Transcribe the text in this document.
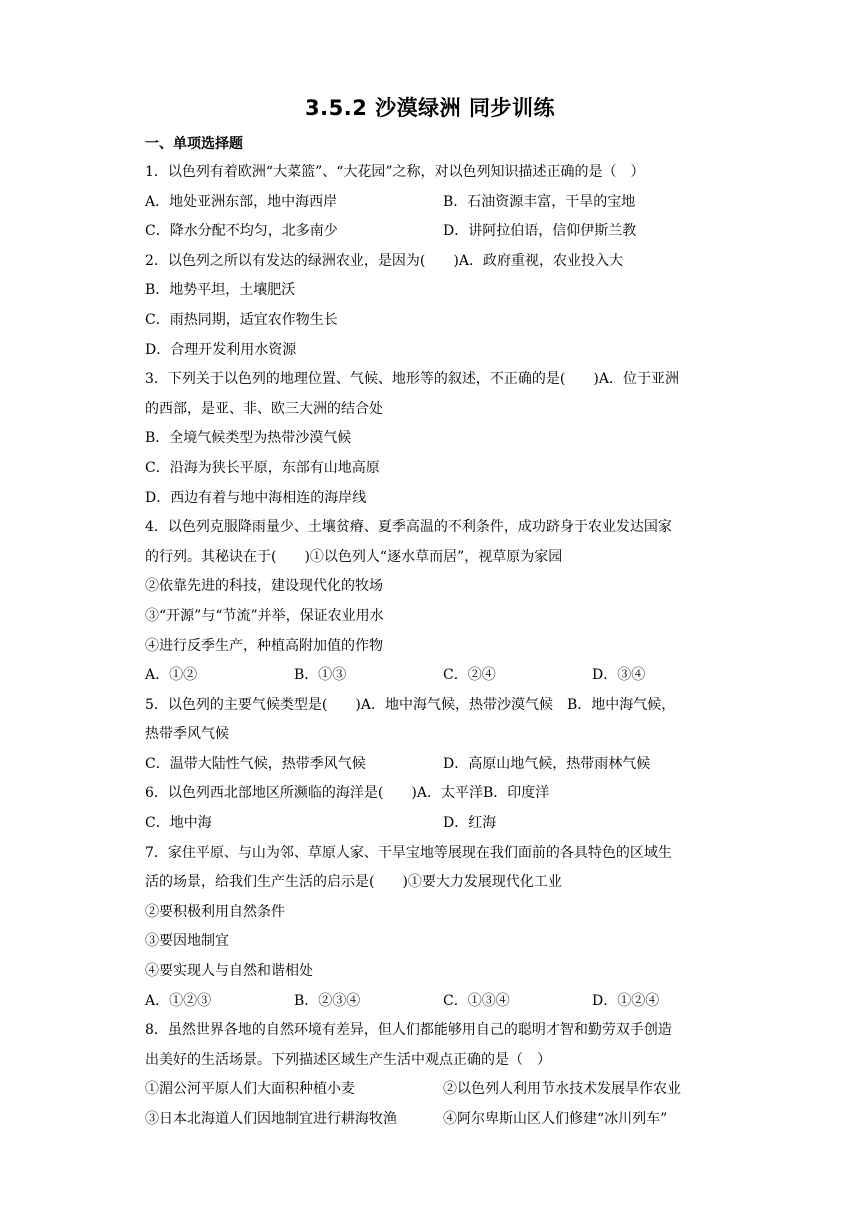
3.5.2 沙漠绿洲 同步训练
一、单项选择题
1．以色列有着欧洲“大菜篮”、“大花园”之称，对以色列知识描述正确的是（　）
A．地处亚洲东部，地中海西岸	B．石油资源丰富，干旱的宝地
C．降水分配不均匀，北多南少	D．讲阿拉伯语，信仰伊斯兰教
2．以色列之所以有发达的绿洲农业，是因为(　　)A．政府重视，农业投入大
B．地势平坦，土壤肥沃
C．雨热同期，适宜农作物生长
D．合理开发利用水资源
3．下列关于以色列的地理位置、气候、地形等的叙述，不正确的是(　　)A．位于亚洲
的西部，是亚、非、欧三大洲的结合处
B．全境气候类型为热带沙漠气候
C．沿海为狭长平原，东部有山地高原
D．西边有着与地中海相连的海岸线
4．以色列克服降雨量少、土壤贫瘠、夏季高温的不利条件，成功跻身于农业发达国家
的行列。其秘诀在于(　　)①以色列人“逐水草而居”，视草原为家园
②依靠先进的科技，建设现代化的牧场
③“开源”与“节流”并举，保证农业用水
④进行反季生产，种植高附加值的作物
A．①②	B．①③	C．②④	D．③④
5．以色列的主要气候类型是(　　)A．地中海气候，热带沙漠气候　B．地中海气候，
热带季风气候
C．温带大陆性气候，热带季风气候	D．高原山地气候，热带雨林气候
6．以色列西北部地区所濒临的海洋是(　　)A．太平洋B．印度洋
C．地中海	D．红海
7．家住平原、与山为邻、草原人家、干旱宝地等展现在我们面前的各具特色的区域生
活的场景，给我们生产生活的启示是(　　)①要大力发展现代化工业
②要积极利用自然条件
③要因地制宜
④要实现人与自然和谐相处
A．①②③	B．②③④	C．①③④	D．①②④
8．虽然世界各地的自然环境有差异，但人们都能够用自己的聪明才智和勤劳双手创造
出美好的生活场景。下列描述区域生产生活中观点正确的是（　）
①湄公河平原人们大面积种植小麦	②以色列人利用节水技术发展旱作农业
③日本北海道人们因地制宜进行耕海牧渔	④阿尔卑斯山区人们修建“冰川列车”
